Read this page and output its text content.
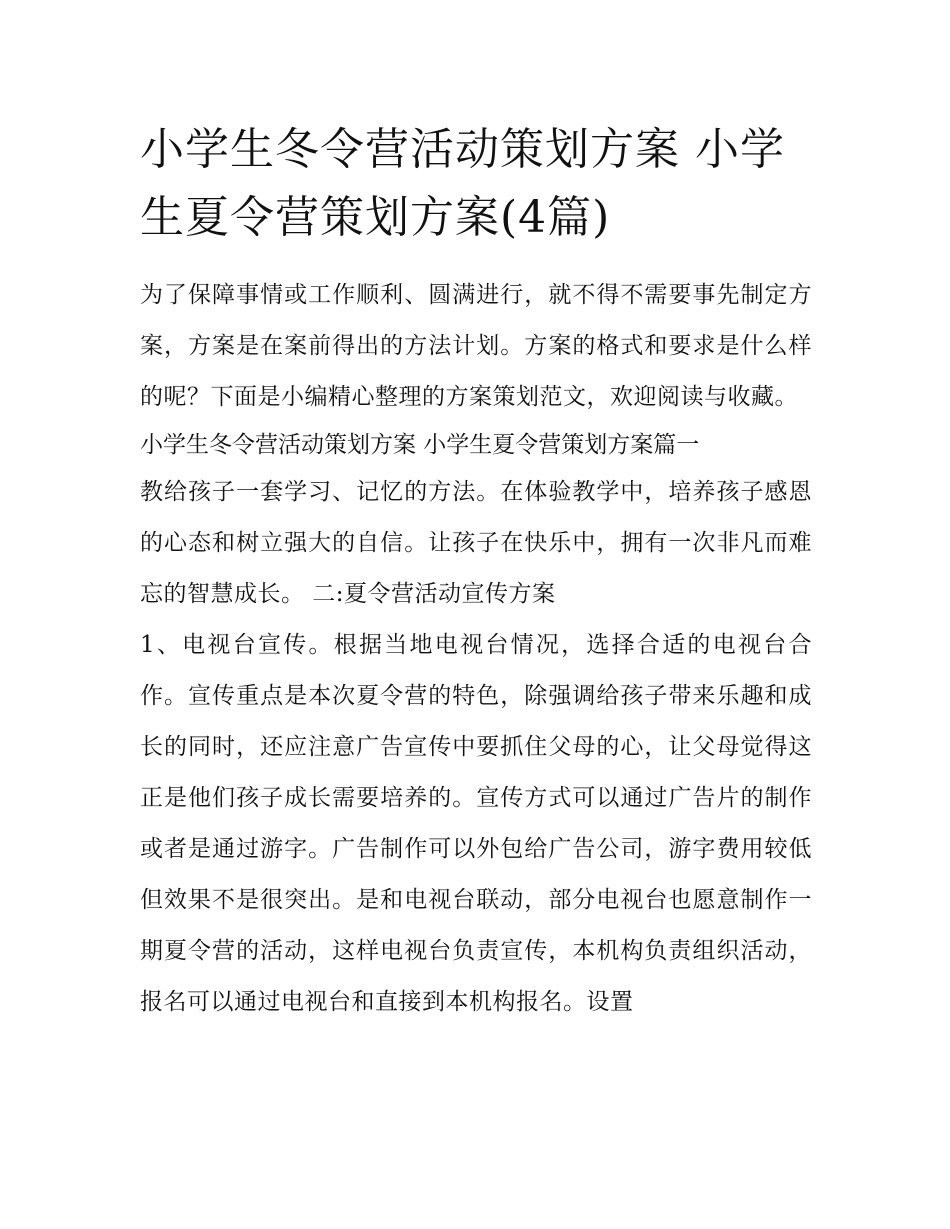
小学生冬令营活动策划方案 小学生夏令营策划方案(4篇)

为了保障事情或工作顺利、圆满进行，就不得不需要事先制定方案，方案是在案前得出的方法计划。方案的格式和要求是什么样的呢？下面是小编精心整理的方案策划范文，欢迎阅读与收藏。

小学生冬令营活动策划方案 小学生夏令营策划方案篇一

教给孩子一套学习、记忆的方法。在体验教学中，培养孩子感恩的心态和树立强大的自信。让孩子在快乐中，拥有一次非凡而难忘的智慧成长。 二:夏令营活动宣传方案

1、电视台宣传。根据当地电视台情况，选择合适的电视台合作。宣传重点是本次夏令营的特色，除强调给孩子带来乐趣和成长的同时，还应注意广告宣传中要抓住父母的心，让父母觉得这正是他们孩子成长需要培养的。宣传方式可以通过广告片的制作或者是通过游字。广告制作可以外包给广告公司，游字费用较低但效果不是很突出。是和电视台联动，部分电视台也愿意制作一期夏令营的活动，这样电视台负责宣传，本机构负责组织活动，报名可以通过电视台和直接到本机构报名。设置
